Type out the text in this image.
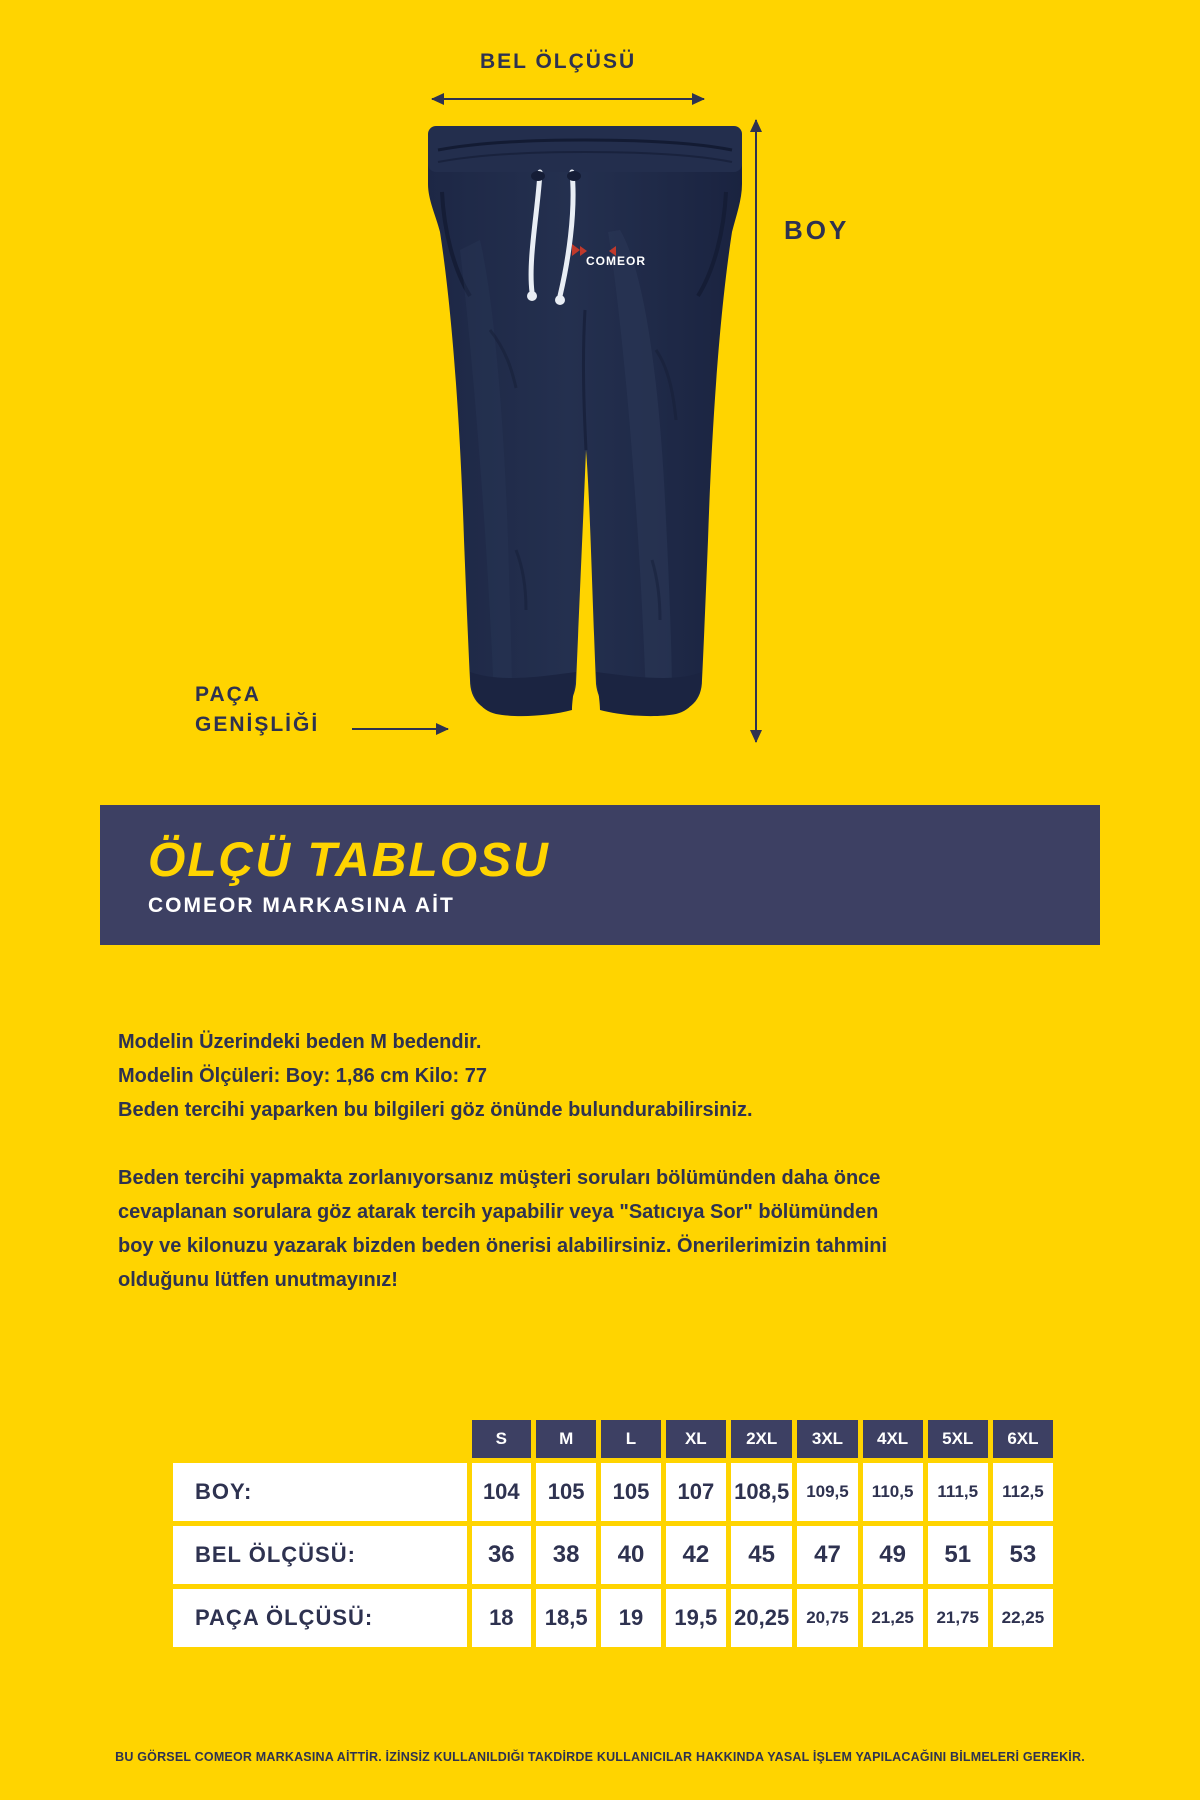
BEL ÖLÇÜSÜ
BOY
PAÇA
GENİŞLİĞİ
COMEOR
ÖLÇÜ TABLOSU
COMEOR MARKASINA AİT

Modelin Üzerindeki beden M bedendir.

Modelin Ölçüleri: Boy: 1,86 cm Kilo: 77

Beden tercihi yaparken bu bilgileri göz önünde bulundurabilirsiniz.

Beden tercihi yapmakta zorlanıyorsanız müşteri soruları bölümünden daha önce

cevaplanan sorulara göz atarak tercih yapabilir veya "Satıcıya Sor" bölümünden

boy ve kilonuzu yazarak bizden beden önerisi alabilirsiniz. Önerilerimizin tahmini

olduğunu lütfen unutmayınız!

	S	M	L	XL	2XL	3XL	4XL	5XL	6XL
BOY:	104	105	105	107	108,5	109,5	110,5	111,5	112,5
BEL ÖLÇÜSÜ:	36	38	40	42	45	47	49	51	53
PAÇA ÖLÇÜSÜ:	18	18,5	19	19,5	20,25	20,75	21,25	21,75	22,25
BU GÖRSEL COMEOR MARKASINA AİTTİR. İZİNSİZ KULLANILDIĞI TAKDİRDE KULLANICILAR HAKKINDA YASAL İŞLEM YAPILACAĞINI BİLMELERİ GEREKİR.
